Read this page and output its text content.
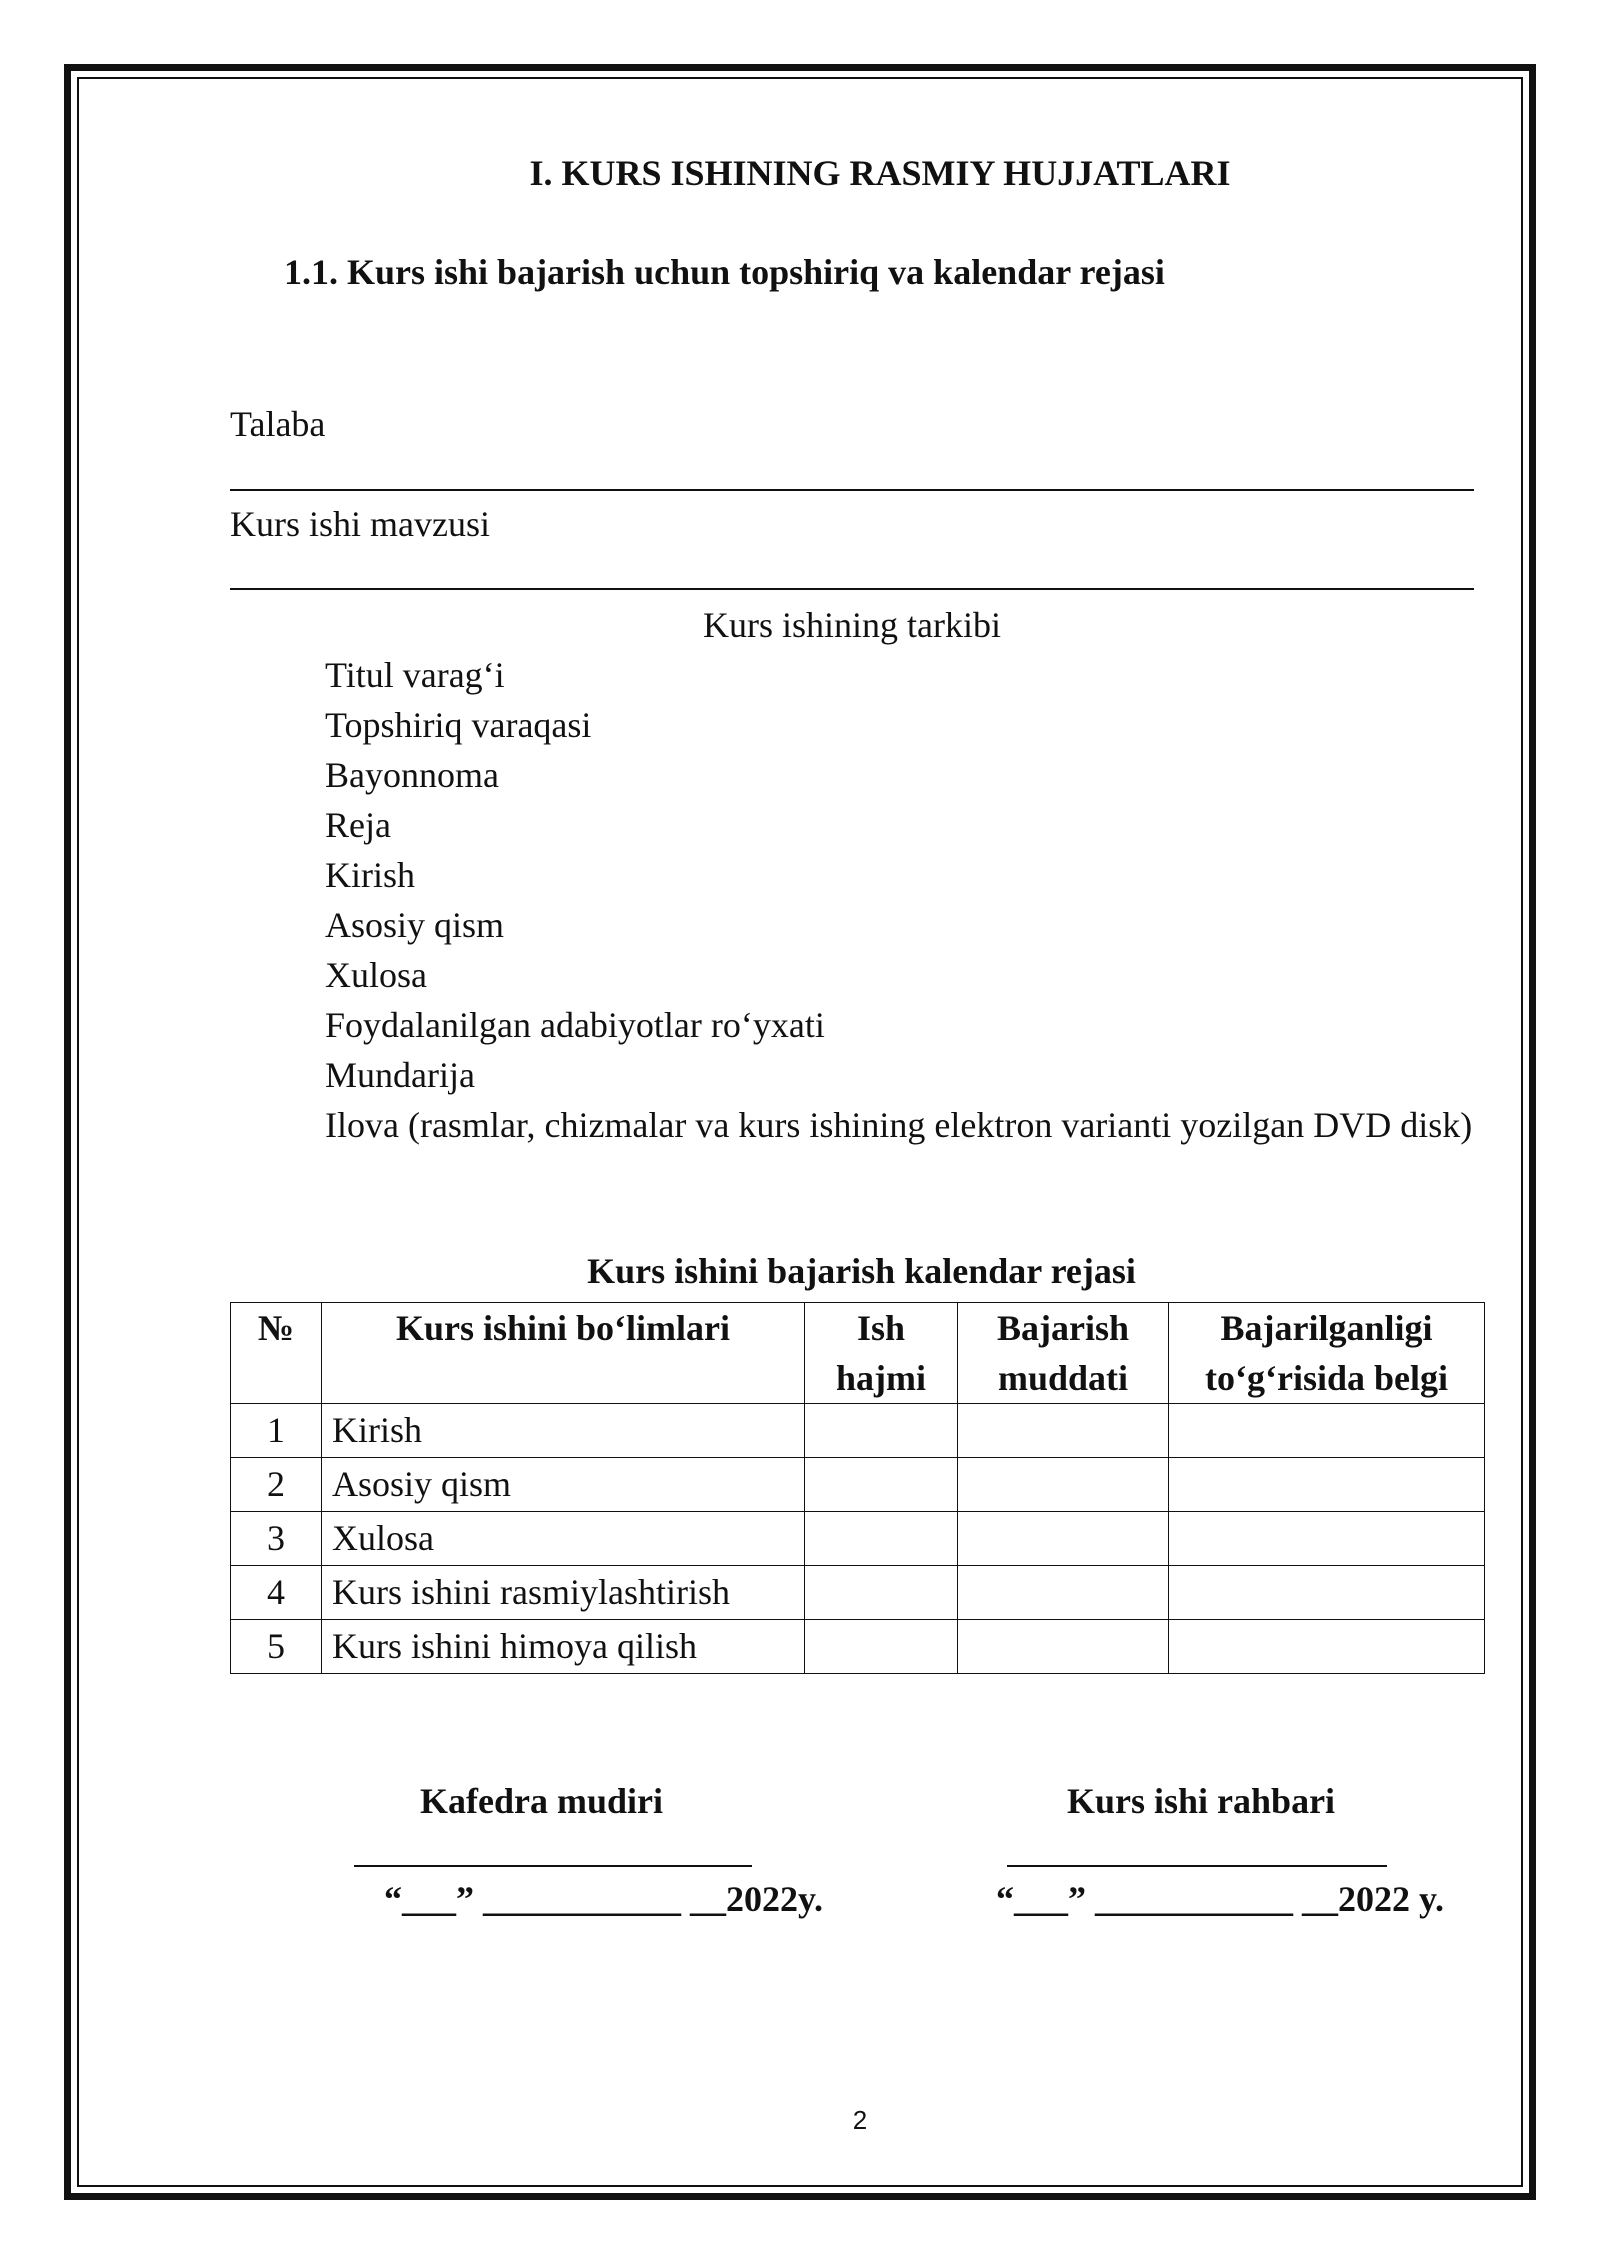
I. KURS ISHINING RASMIY HUJJATLARI
1.1. Kurs ishi bajarish uchun topshiriq va kalendar rejasi
Talaba
Kurs ishi mavzusi
Kurs ishining tarkibi
Titul varag‘i
Topshiriq varaqasi
Bayonnoma
Reja
Kirish
Asosiy qism
Xulosa
Foydalanilgan adabiyotlar ro‘yxati
Mundarija
Ilova (rasmlar, chizmalar va kurs ishining elektron varianti yozilgan DVD disk)
Kurs ishini bajarish kalendar rejasi
№	Kurs ishini bo‘limlari	Ish hajmi	Bajarish muddati	Bajarilganligi to‘g‘risida belgi
1	Kirish			
2	Asosiy qism			
3	Xulosa			
4	Kurs ishini rasmiylashtirish			
5	Kurs ishini himoya qilish			
Kafedra mudiri
“___” ___________ __2022y.
Kurs ishi rahbari
“___” ___________ __2022 y.
2
